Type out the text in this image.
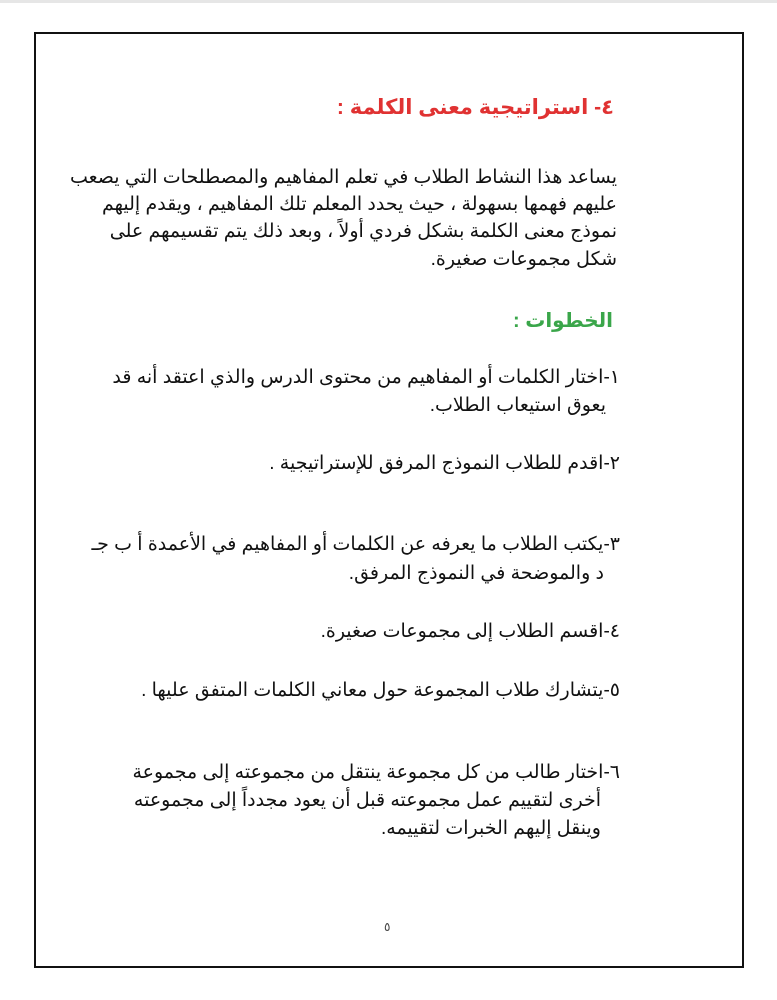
٤- استراتيجية معنى الكلمة :
يساعد هذا النشاط الطلاب في تعلم المفاهيم والمصطلحات التي يصعب
عليهم فهمها بسهولة ، حيث يحدد المعلم تلك المفاهيم ، ويقدم إليهم
نموذج معنى الكلمة بشكل فردي أولاً ، وبعد ذلك يتم تقسيمهم على
شكل مجموعات صغيرة.
الخطوات :
١-اختار الكلمات أو المفاهيم من محتوى الدرس والذي اعتقد أنه قد
يعوق استيعاب الطلاب.
٢-اقدم للطلاب النموذج المرفق للإستراتيجية .
٣-يكتب الطلاب ما يعرفه عن الكلمات أو المفاهيم في الأعمدة أ ب جـ
د والموضحة في النموذج المرفق.
٤-اقسم الطلاب إلى مجموعات صغيرة.
٥-يتشارك طلاب المجموعة حول معاني الكلمات المتفق عليها .
٦-اختار طالب من كل مجموعة ينتقل من مجموعته إلى مجموعة
أخرى لتقييم عمل مجموعته قبل أن يعود مجدداً إلى مجموعته
وينقل إليهم الخبرات لتقييمه.
٥
